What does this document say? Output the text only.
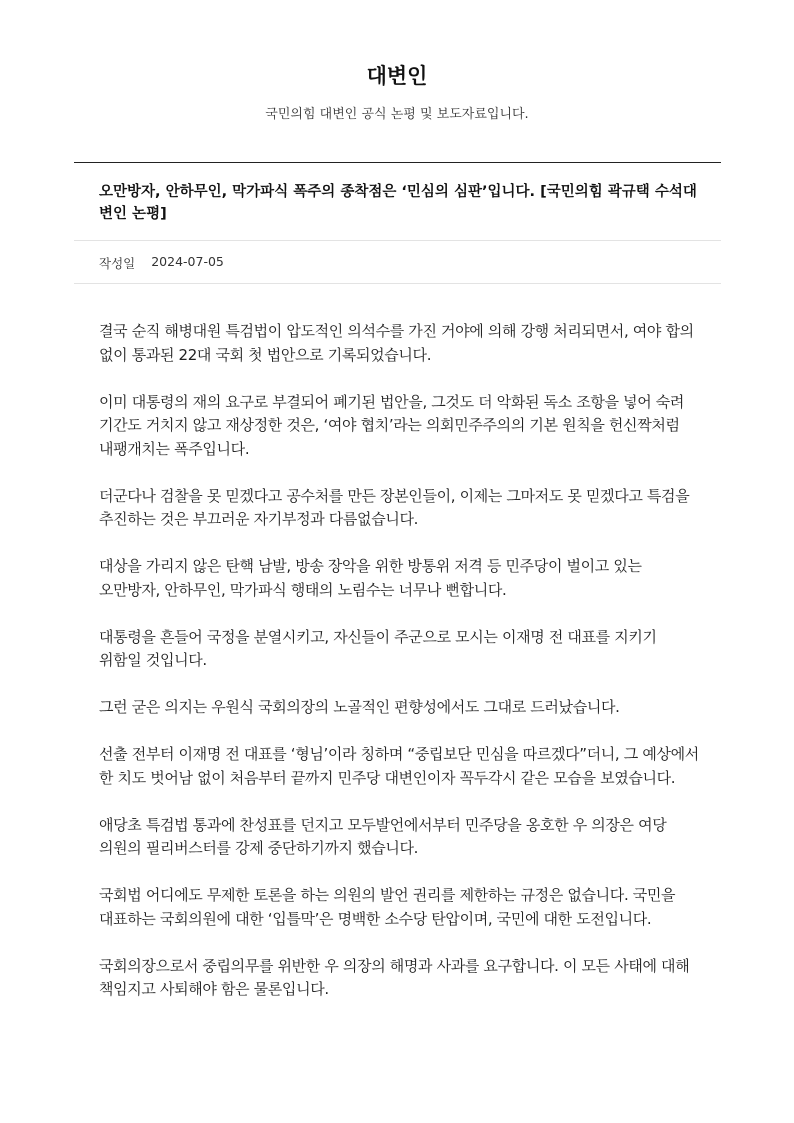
대변인
국민의힘 대변인 공식 논평 및 보도자료입니다.
오만방자, 안하무인, 막가파식 폭주의 종착점은 ‘민심의 심판’입니다. [국민의힘 곽규택 수석대변인 논평]
작성일 2024-07-05

결국 순직 해병대원 특검법이 압도적인 의석수를 가진 거야에 의해 강행 처리되면서, 여야 합의 없이 통과된 22대 국회 첫 법안으로 기록되었습니다.

이미 대통령의 재의 요구로 부결되어 폐기된 법안을, 그것도 더 악화된 독소 조항을 넣어 숙려 기간도 거치지 않고 재상정한 것은, ‘여야 협치’라는 의회민주주의의 기본 원칙을 헌신짝처럼 내팽개치는 폭주입니다.

더군다나 검찰을 못 믿겠다고 공수처를 만든 장본인들이, 이제는 그마저도 못 믿겠다고 특검을 추진하는 것은 부끄러운 자기부정과 다름없습니다.

대상을 가리지 않은 탄핵 남발, 방송 장악을 위한 방통위 저격 등 민주당이 벌이고 있는 오만방자, 안하무인, 막가파식 행태의 노림수는 너무나 뻔합니다.

대통령을 흔들어 국정을 분열시키고, 자신들이 주군으로 모시는 이재명 전 대표를 지키기 위함일 것입니다.

그런 굳은 의지는 우원식 국회의장의 노골적인 편향성에서도 그대로 드러났습니다.

선출 전부터 이재명 전 대표를 ‘형님’이라 칭하며 “중립보단 민심을 따르겠다”더니, 그 예상에서 한 치도 벗어남 없이 처음부터 끝까지 민주당 대변인이자 꼭두각시 같은 모습을 보였습니다.

애당초 특검법 통과에 찬성표를 던지고 모두발언에서부터 민주당을 옹호한 우 의장은 여당 의원의 필리버스터를 강제 중단하기까지 했습니다.

국회법 어디에도 무제한 토론을 하는 의원의 발언 권리를 제한하는 규정은 없습니다. 국민을 대표하는 국회의원에 대한 ‘입틀막’은 명백한 소수당 탄압이며, 국민에 대한 도전입니다.

국회의장으로서 중립의무를 위반한 우 의장의 해명과 사과를 요구합니다. 이 모든 사태에 대해 책임지고 사퇴해야 함은 물론입니다.
